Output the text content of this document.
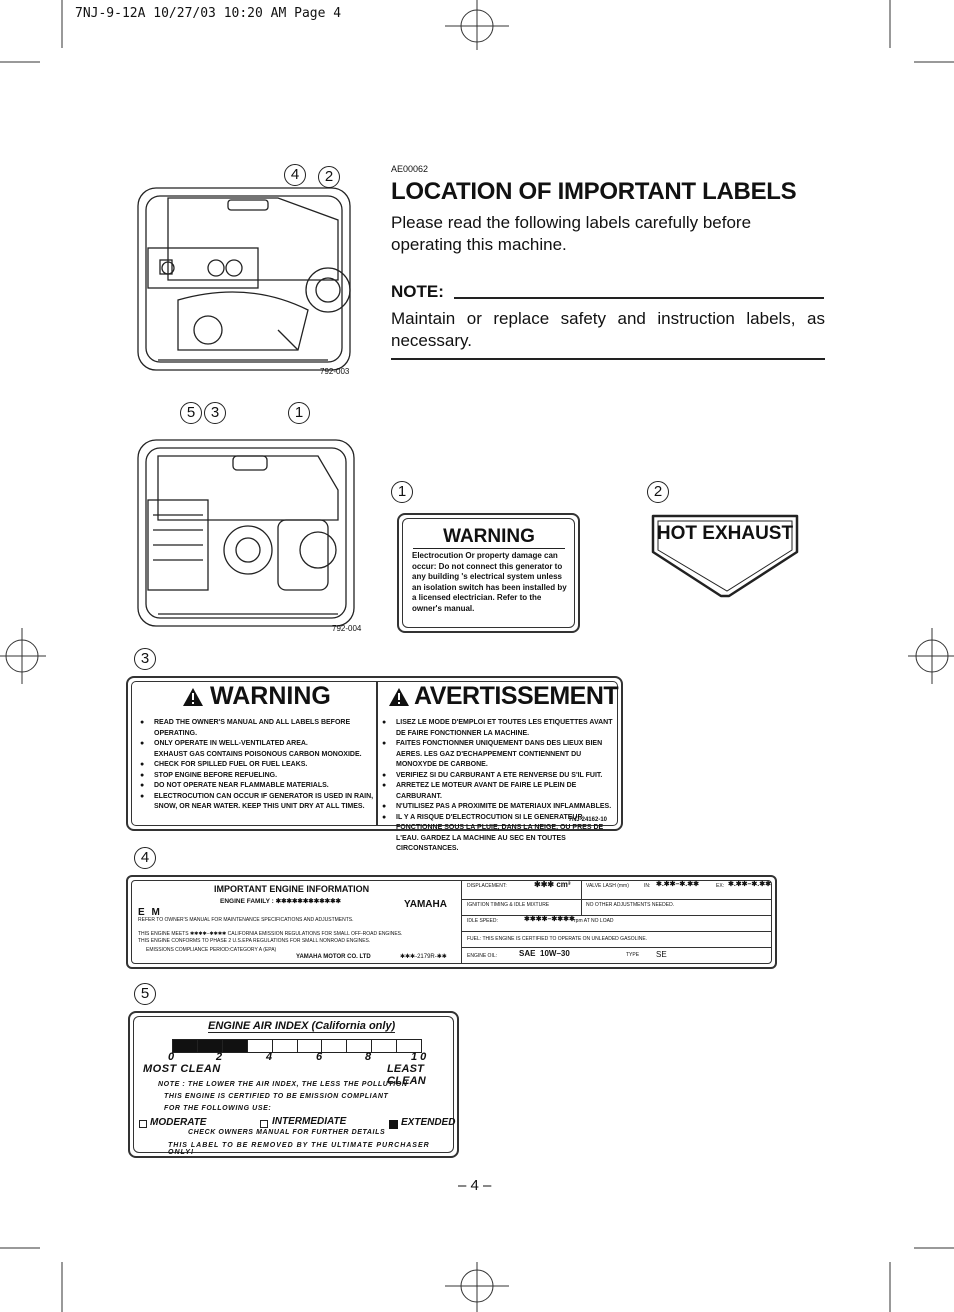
7NJ-9-12A 10/27/03 10:20 AM Page 4
4	2
792-003
5	3	1
792-004
AE00062
LOCATION OF IMPORTANT LABELS
Please read the following labels carefully before operating this machine.
NOTE:
Maintain or replace safety and instruction labels, as necessary.
1	2
3
4
5
WARNING
Electrocution Or property damage can occur: Do not connect this generator to any building 's electrical system unless an isolation switch has been installed by a licensed electrician. Refer to the owner's manual.
HOT EXHAUST
WARNING	AVERTISSEMENT
● READ THE OWNER'S MANUAL AND ALL LABELS BEFORE OPERATING.
● ONLY OPERATE IN WELL-VENTILATED AREA.
EXHAUST GAS CONTAINS POISONOUS CARBON MONOXIDE.
● CHECK FOR SPILLED FUEL OR FUEL LEAKS.
● STOP ENGINE BEFORE REFUELING.
● DO NOT OPERATE NEAR FLAMMABLE MATERIALS.
● ELECTROCUTION CAN OCCUR IF GENERATOR IS USED IN RAIN, SNOW, OR NEAR WATER. KEEP THIS UNIT DRY AT ALL TIMES.
● LISEZ LE MODE D'EMPLOI ET TOUTES LES ETIQUETTES AVANT DE FAIRE FONCTIONNER LA MACHINE.
● FAITES FONCTIONNER UNIQUEMENT DANS DES LIEUX BIEN AERES. LES GAZ D'ECHAPPEMENT CONTIENNENT DU MONOXYDE DE CARBONE.
● VERIFIEZ SI DU CARBURANT A ETE RENVERSE DU S'IL FUIT.
● ARRETEZ LE MOTEUR AVANT DE FAIRE LE PLEIN DE CARBURANT.
● N'UTILISEZ PAS A PROXIMITE DE MATERIAUX INFLAMMABLES.
● IL Y A RISQUE D'ELECTROCUTION SI LE GENERATEUR FONCTIONNE SOUS LA PLUIE, DANS LA NEIGE, OU PRES DE L'EAU. GARDEZ LA MACHINE AU SEC EN TOUTES CIRCONSTANCES.
7NJ-24162-10
IMPORTANT ENGINE INFORMATION
ENGINE FAMILY : ✱✱✱✱✱✱✱✱✱✱✱✱
E M
YAMAHA
REFER TO OWNER'S MANUAL FOR MAINTENANCE SPECIFICATIONS AND ADJUSTMENTS.
THIS ENGINE MEETS ✱✱✱✱–✱✱✱✱ CALIFORNIA EMISSION REGULATIONS FOR SMALL OFF-ROAD ENGINES.
THIS ENGINE CONFORMS TO PHASE 2 U.S.EPA REGULATIONS FOR SMALL NONROAD ENGINES.
EMISSIONS COMPLIANCE PERIOD:CATEGORY A (EPA)
YAMAHA MOTOR CO. LTD	✱✱✱-2179R-✱✱
DISPLACEMENT:	✱✱✱ cm³	VALVE LASH (mm)	IN: ✱.✱✱–✱.✱✱	EX: ✱.✱✱–✱.✱✱
IGNITION TIMING & IDLE MIXTURE	NO OTHER ADJUSTMENTS NEEDED.
IDLE SPEED:	✱✱✱✱–✱✱✱✱ rpm AT NO LOAD
FUEL: THIS ENGINE IS CERTIFIED TO OPERATE ON UNLEADED GASOLINE.
ENGINE OIL:	SAE 10W–30	TYPE SE
ENGINE AIR INDEX (California only)
0	2	4	6	8	1 0
MOST CLEAN	LEAST CLEAN
NOTE : THE LOWER THE AIR INDEX, THE LESS THE POLLUTION
THIS ENGINE IS CERTIFIED TO BE EMISSION COMPLIANT
FOR THE FOLLOWING USE:
MODERATE	INTERMEDIATE	EXTENDED
CHECK OWNERS MANUAL FOR FURTHER DETAILS
THIS LABEL TO BE REMOVED BY THE ULTIMATE PURCHASER ONLY!
– 4 –
